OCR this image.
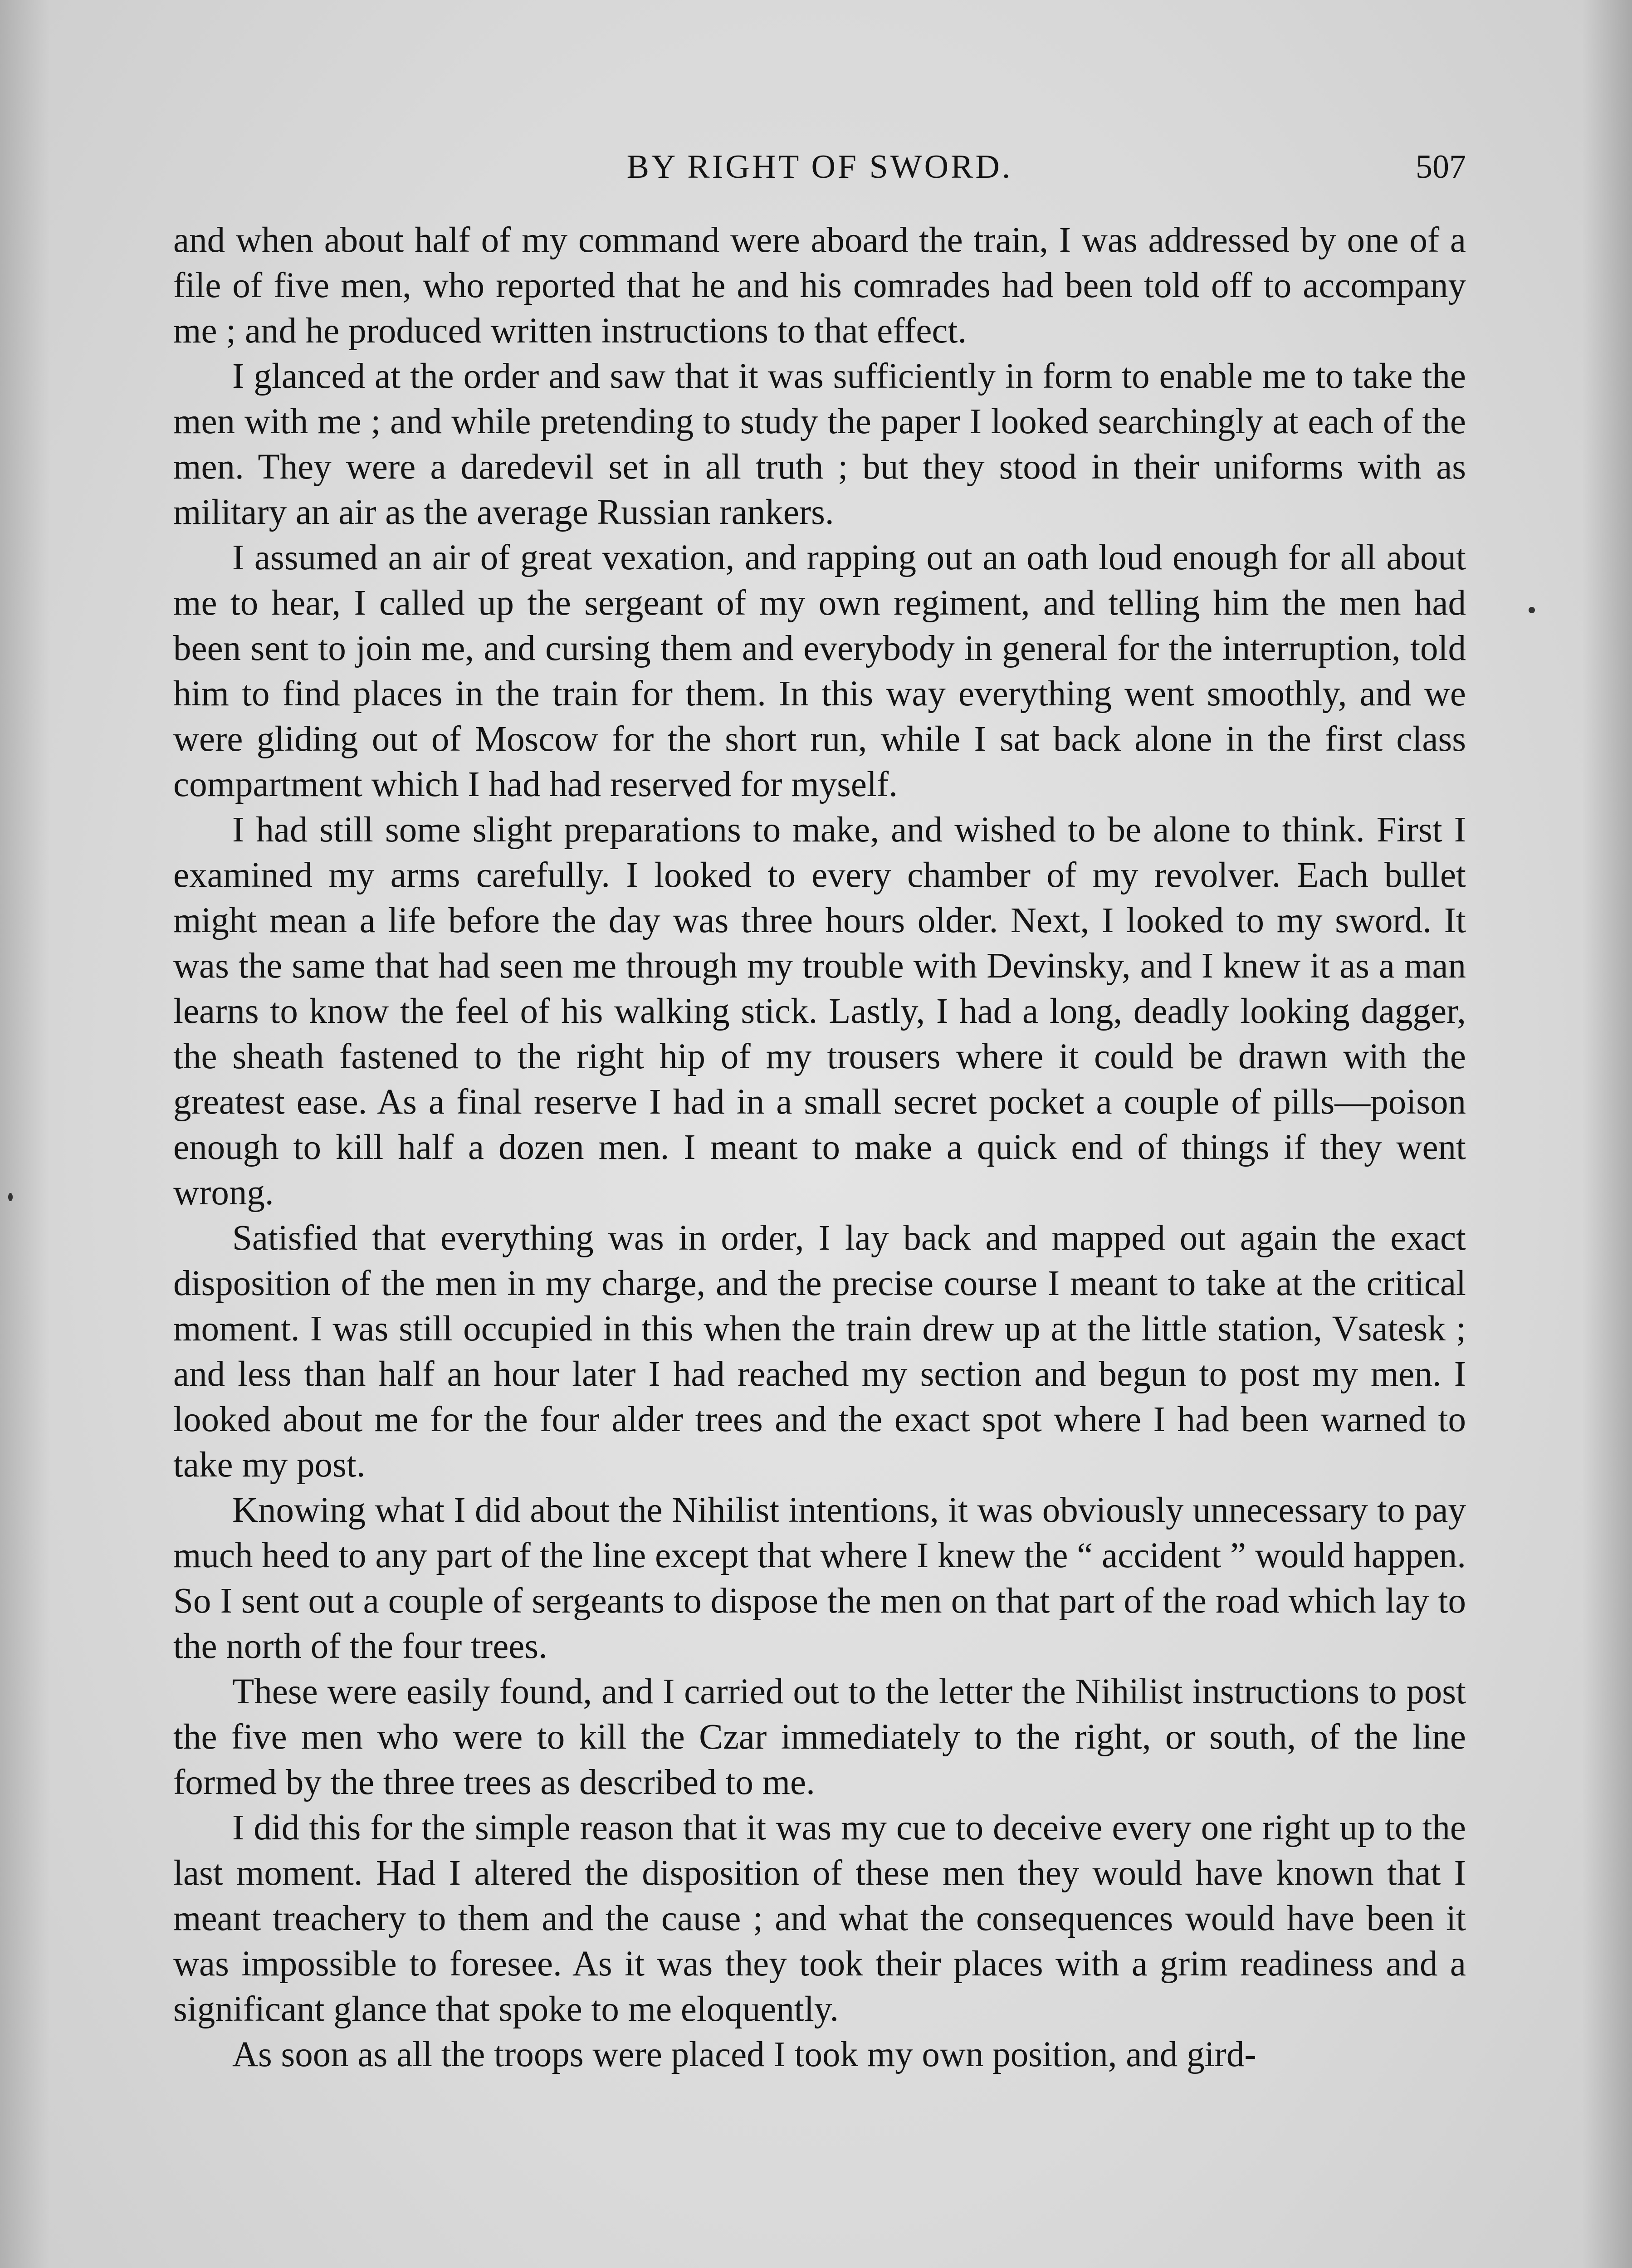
BY RIGHT OF SWORD.	507

and when about half of my command were aboard the train, I was addressed by one of a file of five men, who reported that he and his comrades had been told off to accompany me ; and he produced written instructions to that effect.

I glanced at the order and saw that it was sufficiently in form to enable me to take the men with me ; and while pretending to study the paper I looked searchingly at each of the men. They were a daredevil set in all truth ; but they stood in their uniforms with as military an air as the average Russian rankers.

I assumed an air of great vexation, and rapping out an oath loud enough for all about me to hear, I called up the sergeant of my own regiment, and telling him the men had been sent to join me, and cursing them and everybody in general for the interruption, told him to find places in the train for them. In this way everything went smoothly, and we were gliding out of Moscow for the short run, while I sat back alone in the first class compartment which I had had reserved for myself.

I had still some slight preparations to make, and wished to be alone to think. First I examined my arms carefully. I looked to every chamber of my revolver. Each bullet might mean a life before the day was three hours older. Next, I looked to my sword. It was the same that had seen me through my trouble with Devinsky, and I knew it as a man learns to know the feel of his walking stick. Lastly, I had a long, deadly looking dagger, the sheath fastened to the right hip of my trousers where it could be drawn with the greatest ease. As a final reserve I had in a small secret pocket a couple of pills—poison enough to kill half a dozen men. I meant to make a quick end of things if they went wrong.

Satisfied that everything was in order, I lay back and mapped out again the exact disposition of the men in my charge, and the precise course I meant to take at the critical moment. I was still occupied in this when the train drew up at the little station, Vsatesk ; and less than half an hour later I had reached my section and begun to post my men. I looked about me for the four alder trees and the exact spot where I had been warned to take my post.

Knowing what I did about the Nihilist intentions, it was obviously unnecessary to pay much heed to any part of the line except that where I knew the “ accident ” would happen. So I sent out a couple of sergeants to dispose the men on that part of the road which lay to the north of the four trees.

These were easily found, and I carried out to the letter the Nihilist instructions to post the five men who were to kill the Czar immediately to the right, or south, of the line formed by the three trees as described to me.

I did this for the simple reason that it was my cue to deceive every one right up to the last moment. Had I altered the disposition of these men they would have known that I meant treachery to them and the cause ; and what the consequences would have been it was impossible to foresee. As it was they took their places with a grim readiness and a significant glance that spoke to me eloquently.

As soon as all the troops were placed I took my own position, and gird-
